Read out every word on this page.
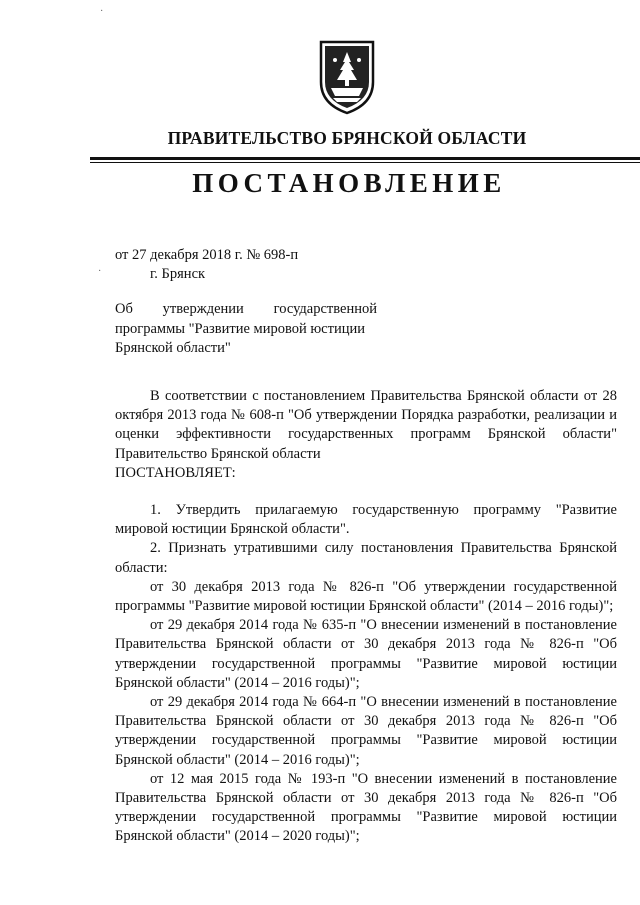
ПРАВИТЕЛЬСТВО БРЯНСКОЙ ОБЛАСТИ
ПОСТАНОВЛЕНИЕ
от 27 декабря 2018 г. № 698-п
г. Брянск
Об утверждении государственной
программы "Развитие мировой юстиции
Брянской области"

В соответствии с постановлением Правительства Брянской области от 28 октября 2013 года № 608-п "Об утверждении Порядка разработки, реализации и оценки эффективности государственных программ Брянской области" Правительство Брянской области

ПОСТАНОВЛЯЕТ:

1. Утвердить прилагаемую государственную программу "Развитие мировой юстиции Брянской области".

2. Признать утратившими силу постановления Правительства Брянской области:

от 30 декабря 2013 года № 826-п "Об утверждении государственной программы "Развитие мировой юстиции Брянской области" (2014 – 2016 годы)";

от 29 декабря 2014 года № 635-п "О внесении изменений в постановление Правительства Брянской области от 30 декабря 2013 года № 826-п "Об утверждении государственной программы "Развитие мировой юстиции Брянской области" (2014 – 2016 годы)";

от 29 декабря 2014 года № 664-п "О внесении изменений в постановление Правительства Брянской области от 30 декабря 2013 года № 826-п "Об утверждении государственной программы "Развитие мировой юстиции Брянской области" (2014 – 2016 годы)";

от 12 мая 2015 года № 193-п "О внесении изменений в постановление Правительства Брянской области от 30 декабря 2013 года № 826-п "Об утверждении государственной программы "Развитие мировой юстиции Брянской области" (2014 – 2020 годы)";

·
·
